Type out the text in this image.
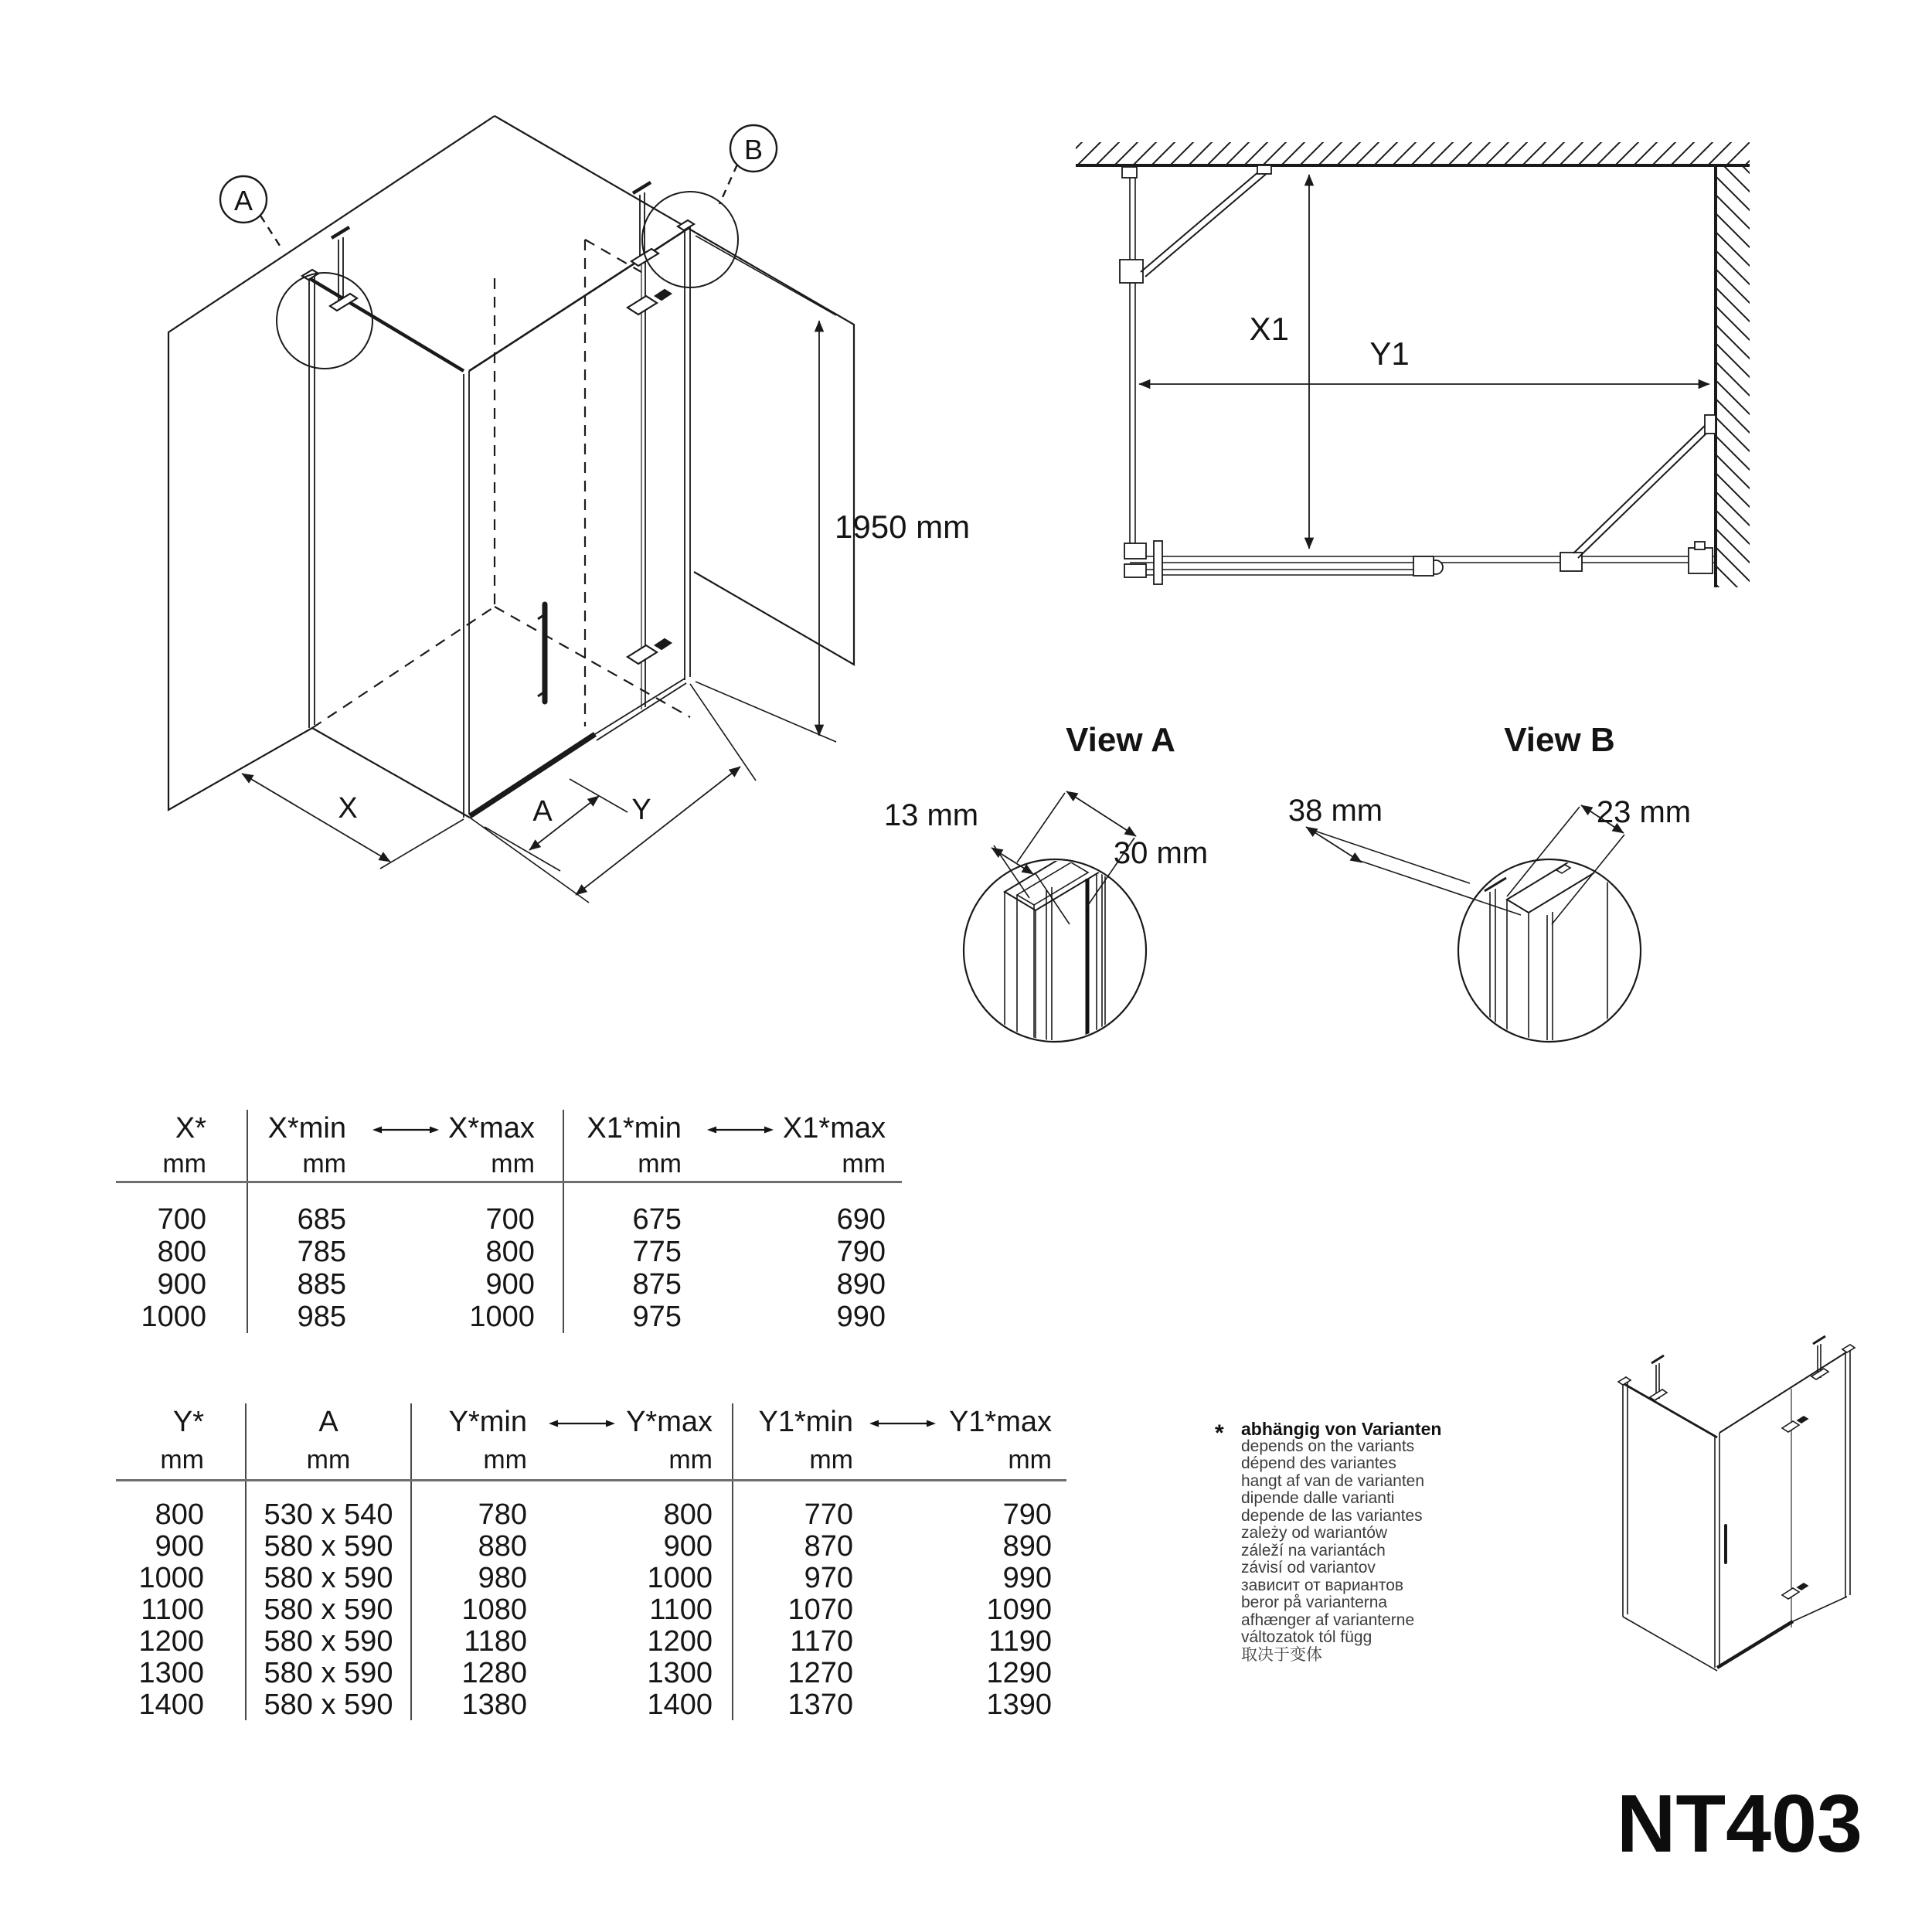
A
B
1950 mm
X	A	Y
X1
Y1
View A
13 mm
30 mm
View B
38 mm	23 mm
X*	X*min		X*max	X1*min		X1*max
mm	mm		mm	mm		mm
700	685		700	675		690
800	785		800	775		790
900	885		900	875		890
1000	985		1000	975		990
Y*	A	Y*min		Y*max	Y1*min		Y1*max
mm	mm	mm		mm	mm		mm
800	530 x 540	780		800	770		790
900	580 x 590	880		900	870		890
1000	580 x 590	980		1000	970		990
1100	580 x 590	1080		1100	1070		1090
1200	580 x 590	1180		1200	1170		1190
1300	580 x 590	1280		1300	1270		1290
1400	580 x 590	1380		1400	1370		1390
* abhängig von Varianten
depends on the variants
dépend des variantes
hangt af van de varianten
dipende dalle varianti
depende de las variantes
zależy od wariantów
záleží na variantách
závisí od variantov
зависит от вариантов
beror på varianterna
afhænger af varianterne
változatok tól függ
取决于变体
NT403
